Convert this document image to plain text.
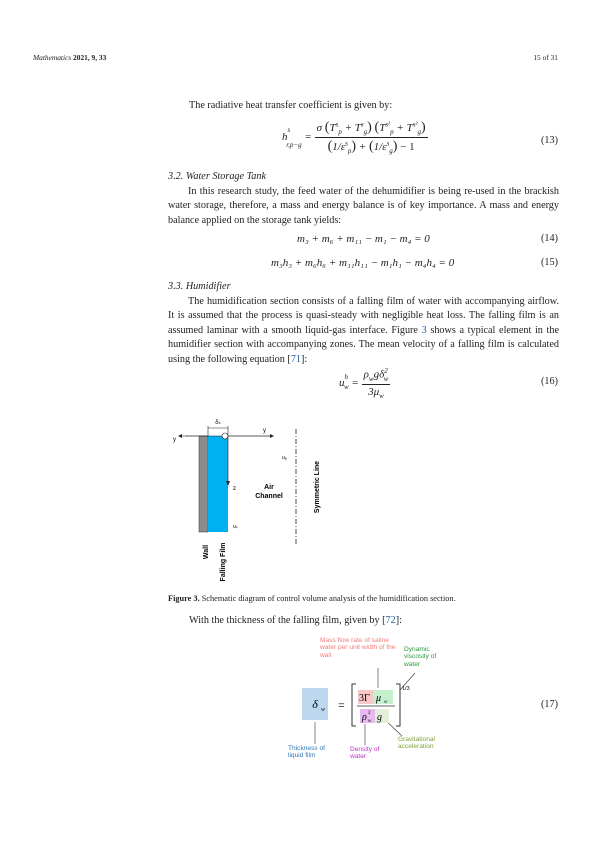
Mathematics 2021, 9, 33	15 of 31
The radiative heat transfer coefficient is given by:
$h^s_{r,p-g} = \frac{\sigma (T^s_p + T^s_g) (T^{s^2}_p + T^{s^2}_g)}{(1/\varepsilon^s_p) + (1/\varepsilon^s_g) - 1}$	(13)
3.2. Water Storage Tank
In this research study, the feed water of the dehumidifier is being re-used in the brackish water storage, therefore, a mass and energy balance is of key importance. A mass and energy balance applied on the storage tank yields:
m₃ + m₆ + m₁₁ − m₁ − m₄ = 0	(14)
m₃h₃ + m₆h₆ + m₁₁h₁₁ − m₁h₁ − m₄h₄ = 0	(15)
3.3. Humidifier
The humidification section consists of a falling film of water with accompanying airflow. It is assumed that the process is quasi-steady with negligible heat loss. The falling film is an assumed laminar with a smooth liquid-gas interface. Figure 3 shows a typical element in the humidifier section with accompanying zones. The mean velocity of a falling film is calculated using the following equation [71]:
$u^h_w = \frac{\rho_wg\delta^2_w}{3\mu_w}$	(16)
δₛ
y
y
z
uₛ
uₐ
Air
Channel	Symmetric Line
Wall Falling Film
Figure 3. Schematic diagram of control volume analysis of the humidification section.
With the thickness of the falling film, given by [72]:
Mass flow rate of saline water per unit width of the wall
Dynamic viscosity of water
δ w =
1/3
3Γ μ w
ρ 2
w g
Thickness of liquid film
Density of water
Gravitational acceleration
(17)
